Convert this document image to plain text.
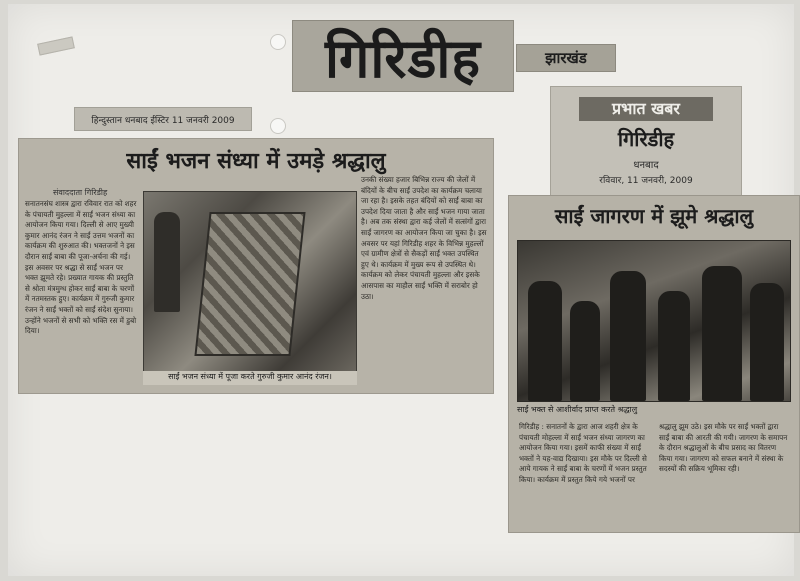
गिरिडीह	झारखंड
हिन्दुस्तान धनबाद ईस्टिर 11 जनवरी 2009
साईं भजन संध्या में उमड़े श्रद्धालु
संवाददाता गिरिडीह
सनातनसंघ शास्त्र द्वारा रविवार रात को शहर के पंचायती मुहल्ला में साईं भजन संध्या का आयोजन किया गया। दिल्ली से आए मुख्यी कुमार आनंद रंजन ने साईं उत्तम भजनों का कार्यक्रम की शुरुआत की। भक्तजनों ने इस दौरान साईं बाबा की पूजा-अर्चना की गई। इस अवसर पर श्रद्धा से साईं भजन पर भक्त झूमते रहे। प्रख्यात गायक की प्रस्तुति से श्रोता मंत्रमुग्ध होकर साईं बाबा के चरणों में नतमस्तक हुए। कार्यक्रम में गुरुजी कुमार रंजन ने साईं भक्तों को साईं संदेश सुनाया। उन्होंने भजनों से सभी को भक्ति रस में डुबो दिया।
साईं भजन संध्या में पूजा करते गुरुजी कुमार आनंद रंजन।
उनकी संख्या हजार बिभिन्न राज्य की जेलों में बंदियों के बीच साईं उपदेश का कार्यक्रम चलाया जा रहा है। इसके तहत बंदियों को साईं बाबा का उपदेश दिया जाता है और साईं भजन गाया जाता है। अब तक संस्था द्वारा कई जेलों में सत्संगों द्वारा साईं जागरण का आयोजन किया जा चुका है। इस अवसर पर यहां गिरिडीह शहर के विभिन्न मुहल्लों एवं ग्रामीण क्षेत्रों से सैकड़ों साईं भक्त उपस्थित हुए थे। कार्यक्रम में मुख्य रूप से उपस्थित थे। कार्यक्रम को लेकर पंचायती मुहल्ला और इसके आसपास का माहौल साईं भक्ति में सराबोर हो उठा।
प्रभात खबर
गिरिडीह
धनबाद
रविवार, 11 जनवरी, 2009
साईं जागरण में झूमे श्रद्धालु
साईं भक्त से आशीर्वाद प्राप्त करते श्रद्धालु
गिरिडीह : सनातनों के द्वारा आज शहरी क्षेत्र के पंचायती मोहल्ला में साईं भजन संध्या जागरण का आयोजन किया गया। इसमें काफी संख्या में साईं भक्तों ने यह-वाद्य दिखाया। इस मौके पर दिल्ली से आये गायक ने साईं बाबा के चरणों में भजन प्रस्तुत किया। कार्यक्रम में प्रस्तुत किये गये भजनों पर श्रद्धालु झूम उठे। इस मौके पर साईं भक्तों द्वारा साईं बाबा की आरती की गयी। जागरण के समापन के दौरान श्रद्धालुओं के बीच प्रसाद का वितरण किया गया। जागरण को सफल बनाने में संस्था के सदस्यों की सक्रिय भूमिका रही।
